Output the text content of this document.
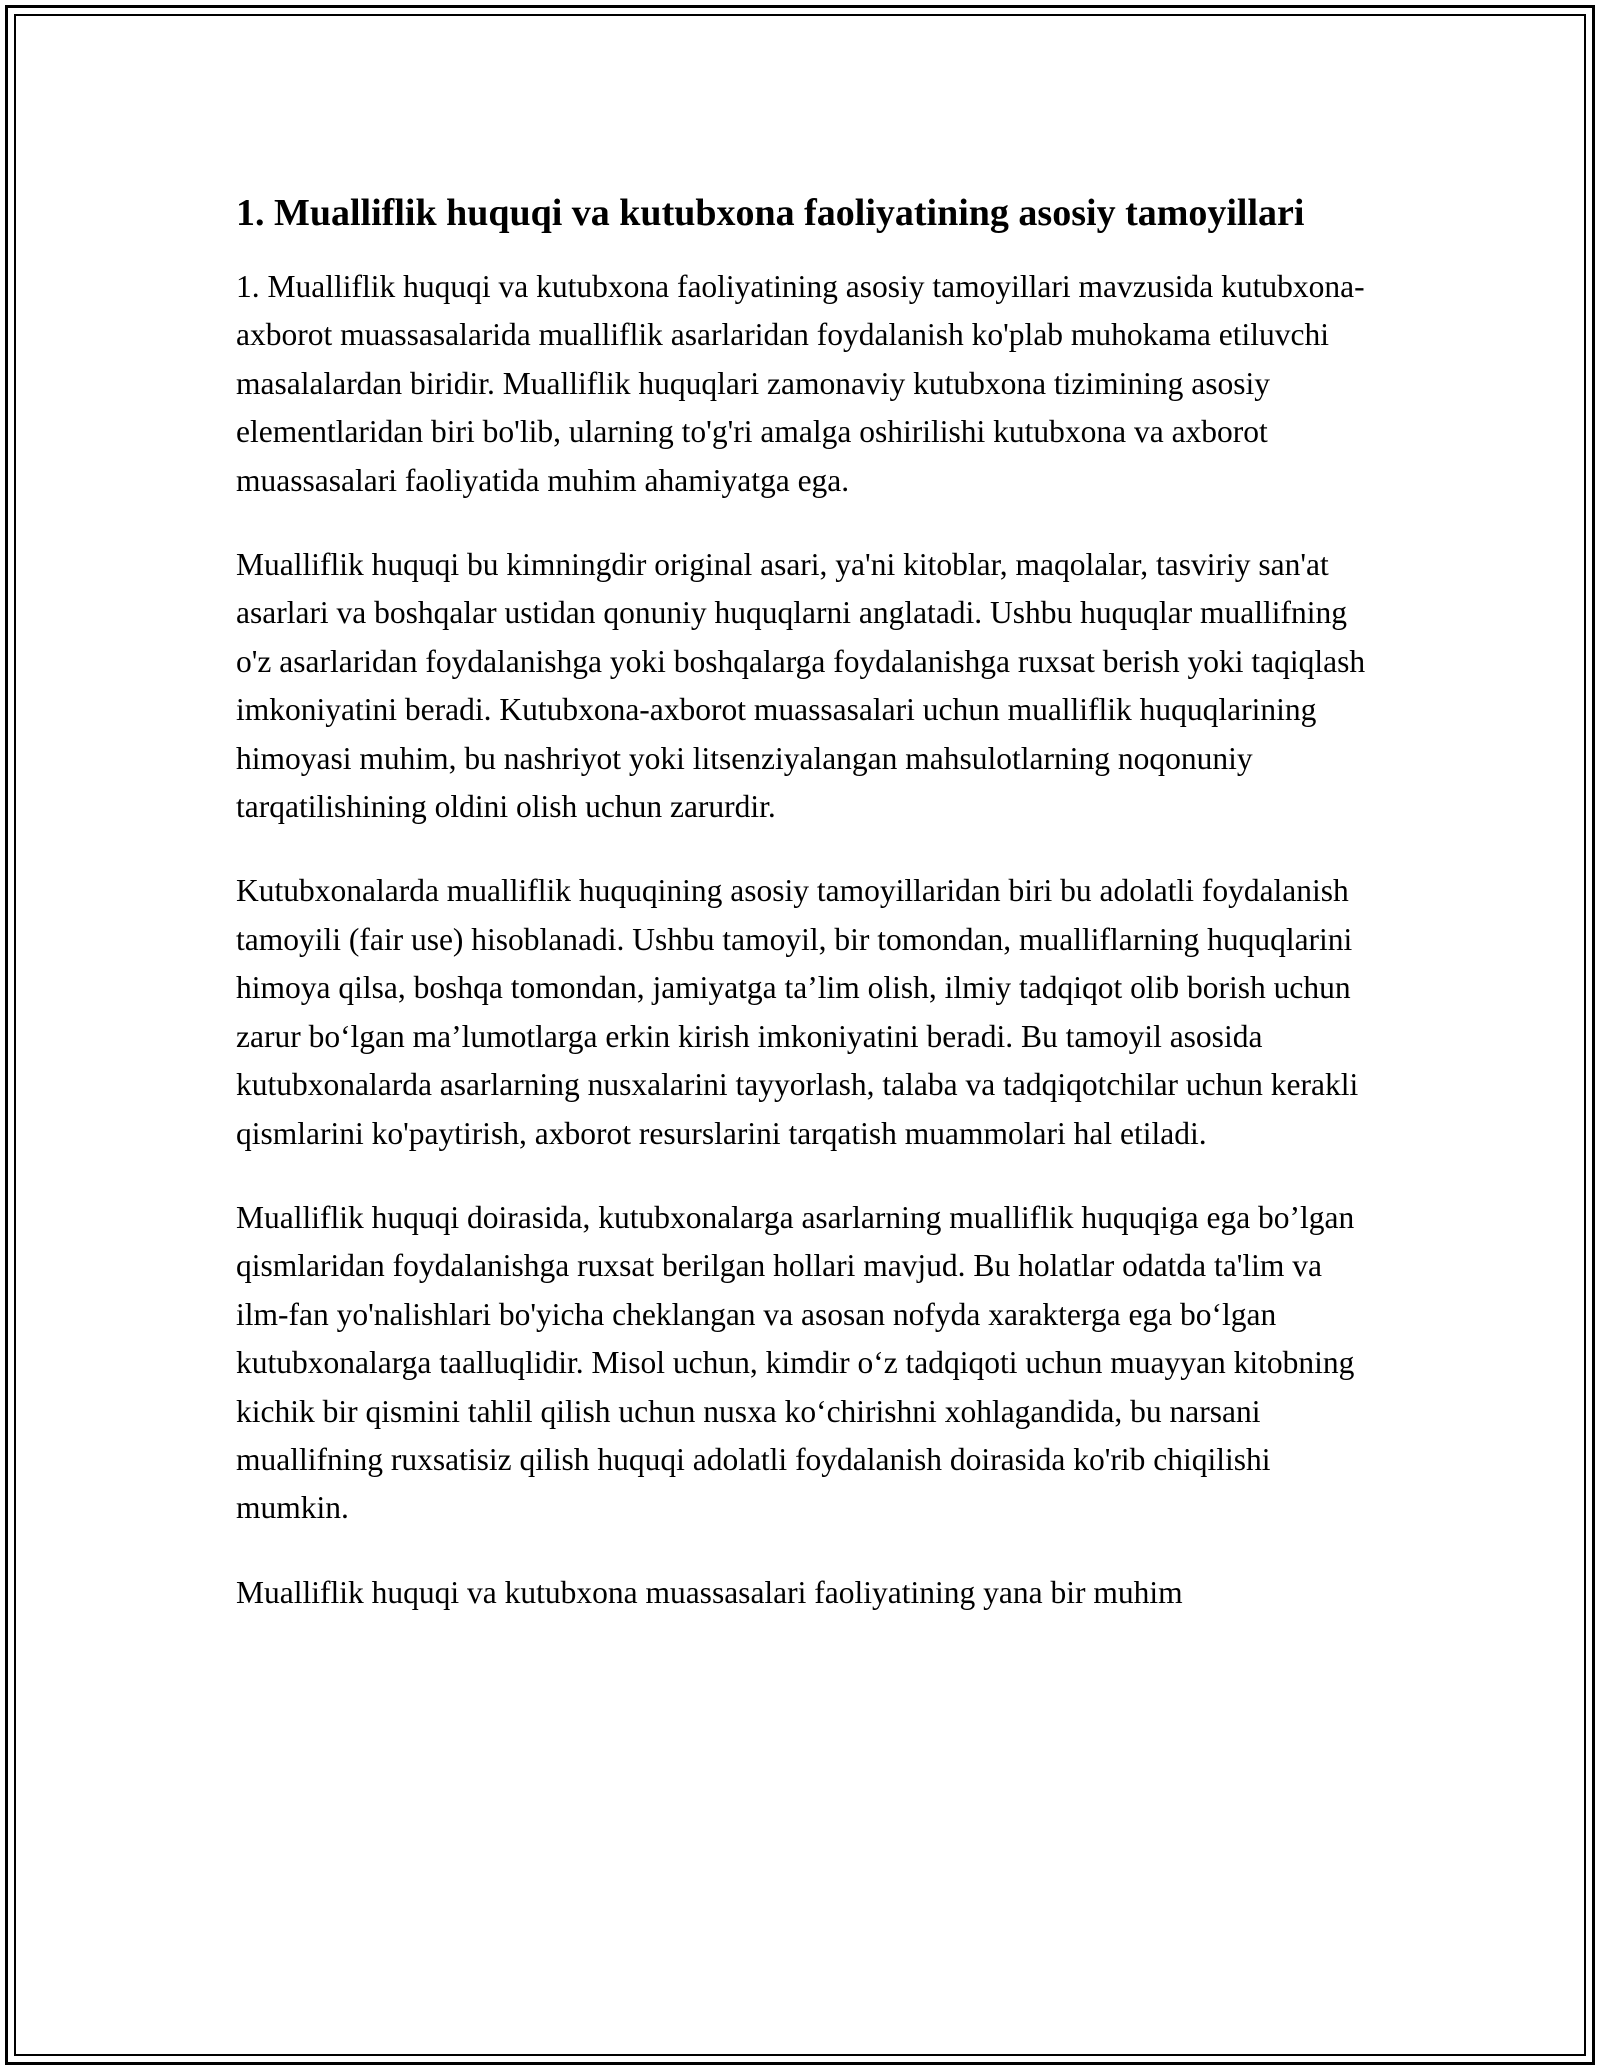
1. Mualliflik huquqi va kutubxona faoliyatining asosiy tamoyillari

1. Mualliflik huquqi va kutubxona faoliyatining asosiy tamoyillari mavzusida kutubxona-axborot muassasalarida mualliflik asarlaridan foydalanish ko'plab muhokama etiluvchi masalalardan biridir. Mualliflik huquqlari zamonaviy kutubxona tizimining asosiy elementlaridan biri bo'lib, ularning to'g'ri amalga oshirilishi kutubxona va axborot muassasalari faoliyatida muhim ahamiyatga ega.

Mualliflik huquqi bu kimningdir original asari, ya'ni kitoblar, maqolalar, tasviriy san'at asarlari va boshqalar ustidan qonuniy huquqlarni anglatadi. Ushbu huquqlar muallifning o'z asarlaridan foydalanishga yoki boshqalarga foydalanishga ruxsat berish yoki taqiqlash imkoniyatini beradi. Kutubxona-axborot muassasalari uchun mualliflik huquqlarining himoyasi muhim, bu nashriyot yoki litsenziyalangan mahsulotlarning noqonuniy tarqatilishining oldini olish uchun zarurdir.

Kutubxonalarda mualliflik huquqining asosiy tamoyillaridan biri bu adolatli foydalanish tamoyili (fair use) hisoblanadi. Ushbu tamoyil, bir tomondan, mualliflarning huquqlarini himoya qilsa, boshqa tomondan, jamiyatga ta’lim olish, ilmiy tadqiqot olib borish uchun zarur bo‘lgan ma’lumotlarga erkin kirish imkoniyatini beradi. Bu tamoyil asosida kutubxonalarda asarlarning nusxalarini tayyorlash, talaba va tadqiqotchilar uchun kerakli qismlarini ko'paytirish, axborot resurslarini tarqatish muammolari hal etiladi.

Mualliflik huquqi doirasida, kutubxonalarga asarlarning mualliflik huquqiga ega bo’lgan qismlaridan foydalanishga ruxsat berilgan hollari mavjud. Bu holatlar odatda ta'lim va ilm-fan yo'nalishlari bo'yicha cheklangan va asosan nofyda xarakterga ega bo‘lgan kutubxonalarga taalluqlidir. Misol uchun, kimdir o‘z tadqiqoti uchun muayyan kitobning kichik bir qismini tahlil qilish uchun nusxa ko‘chirishni xohlagandida, bu narsani muallifning ruxsatisiz qilish huquqi adolatli foydalanish doirasida ko'rib chiqilishi mumkin.

Mualliflik huquqi va kutubxona muassasalari faoliyatining yana bir muhim
